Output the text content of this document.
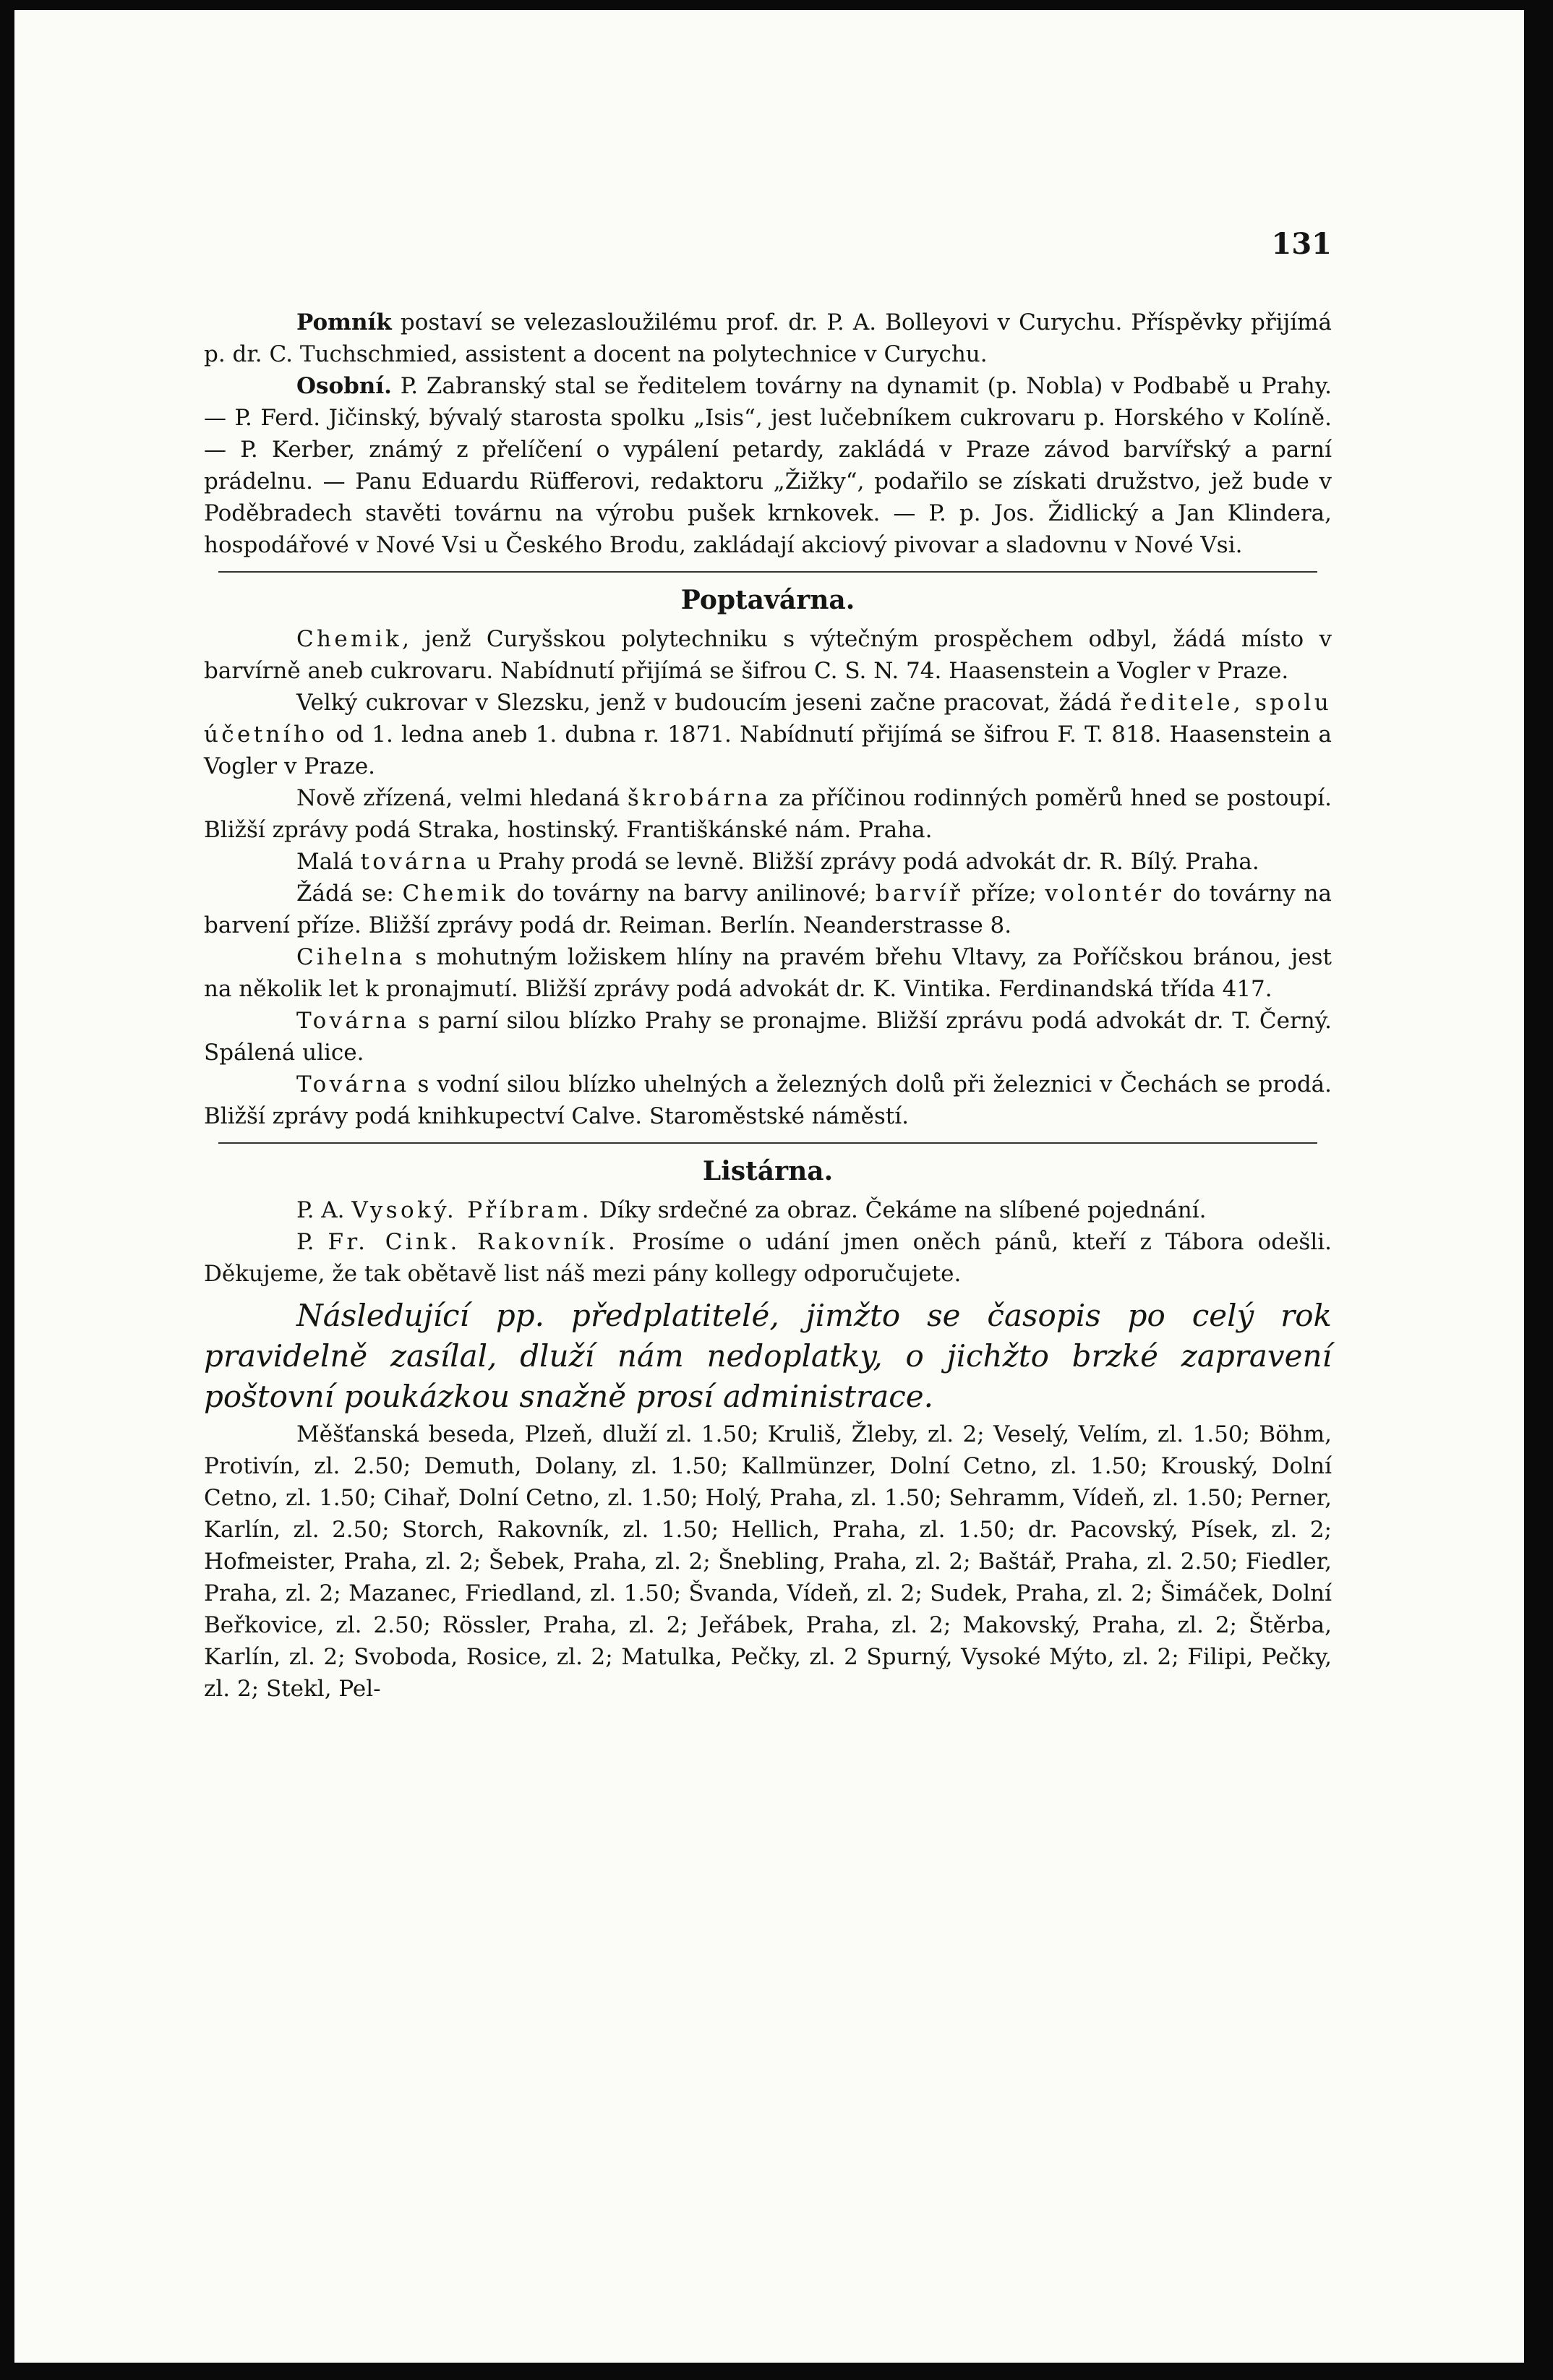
131

Pomník postaví se velezasloužilému prof. dr. P. A. Bolleyovi v Curychu. Příspěvky přijímá p. dr. C. Tuchschmied, assistent a docent na polytechnice v Curychu.

Osobní. P. Zabranský stal se ředitelem továrny na dynamit (p. Nobla) v Podbabě u Prahy. — P. Ferd. Jičinský, bývalý starosta spolku „Isis“, jest lučebníkem cukrovaru p. Horského v Kolíně. — P. Kerber, známý z přelíčení o vypálení petardy, zakládá v Praze závod barvířský a parní prádelnu. — Panu Eduardu Rüfferovi, redaktoru „Žižky“, podařilo se získati družstvo, jež bude v Poděbradech stavěti továrnu na výrobu pušek krnkovek. — P. p. Jos. Židlický a Jan Klindera, hospodářové v Nové Vsi u Českého Brodu, zakládají akciový pivovar a sladovnu v Nové Vsi.

Poptavárna.

Chemik, jenž Curyšskou polytechniku s výtečným prospěchem odbyl, žádá místo v barvírně aneb cukrovaru. Nabídnutí přijímá se šifrou C. S. N. 74. Haasenstein a Vogler v Praze.

Velký cukrovar v Slezsku, jenž v budoucím jeseni začne pracovat, žádá ředitele, spolu účetního od 1. ledna aneb 1. dubna r. 1871. Nabídnutí přijímá se šifrou F. T. 818. Haasenstein a Vogler v Praze.

Nově zřízená, velmi hledaná škrobárna za příčinou rodinných poměrů hned se postoupí. Bližší zprávy podá Straka, hostinský. Františkánské nám. Praha.

Malá továrna u Prahy prodá se levně. Bližší zprávy podá advokát dr. R. Bílý. Praha.

Žádá se: Chemik do továrny na barvy anilinové; barvíř příze; volontér do továrny na barvení příze. Bližší zprávy podá dr. Reiman. Berlín. Neanderstrasse 8.

Cihelna s mohutným ložiskem hlíny na pravém břehu Vltavy, za Poříčskou bránou, jest na několik let k pronajmutí. Bližší zprávy podá advokát dr. K. Vintika. Ferdinandská třída 417.

Továrna s parní silou blízko Prahy se pronajme. Bližší zprávu podá advokát dr. T. Černý. Spálená ulice.

Továrna s vodní silou blízko uhelných a železných dolů při železnici v Čechách se prodá. Bližší zprávy podá knihkupectví Calve. Staroměstské náměstí.

Listárna.

P. A. Vysoký. Příbram. Díky srdečné za obraz. Čekáme na slíbené pojednání.

P. Fr. Cink. Rakovník. Prosíme o udání jmen oněch pánů, kteří z Tábora odešli. Děkujeme, že tak obětavě list náš mezi pány kollegy odporučujete.

Následující pp. předplatitelé, jimžto se časopis po celý rok pravidelně zasílal, dluží nám nedoplatky, o jichžto brzké zapravení poštovní poukázkou snažně prosí administrace.

Měšťanská beseda, Plzeň, dluží zl. 1.50; Kruliš, Žleby, zl. 2; Veselý, Velím, zl. 1.50; Böhm, Protivín, zl. 2.50; Demuth, Dolany, zl. 1.50; Kallmünzer, Dolní Cetno, zl. 1.50; Krouský, Dolní Cetno, zl. 1.50; Cihař, Dolní Cetno, zl. 1.50; Holý, Praha, zl. 1.50; Sehramm, Vídeň, zl. 1.50; Perner, Karlín, zl. 2.50; Storch, Rakovník, zl. 1.50; Hellich, Praha, zl. 1.50; dr. Pacovský, Písek, zl. 2; Hofmeister, Praha, zl. 2; Šebek, Praha, zl. 2; Šnebling, Praha, zl. 2; Baštář, Praha, zl. 2.50; Fiedler, Praha, zl. 2; Mazanec, Friedland, zl. 1.50; Švanda, Vídeň, zl. 2; Sudek, Praha, zl. 2; Šimáček, Dolní Beřkovice, zl. 2.50; Rössler, Praha, zl. 2; Jeřábek, Praha, zl. 2; Makovský, Praha, zl. 2; Štěrba, Karlín, zl. 2; Svoboda, Rosice, zl. 2; Matulka, Pečky, zl. 2 Spurný, Vysoké Mýto, zl. 2; Filipi, Pečky, zl. 2; Stekl, Pel-
